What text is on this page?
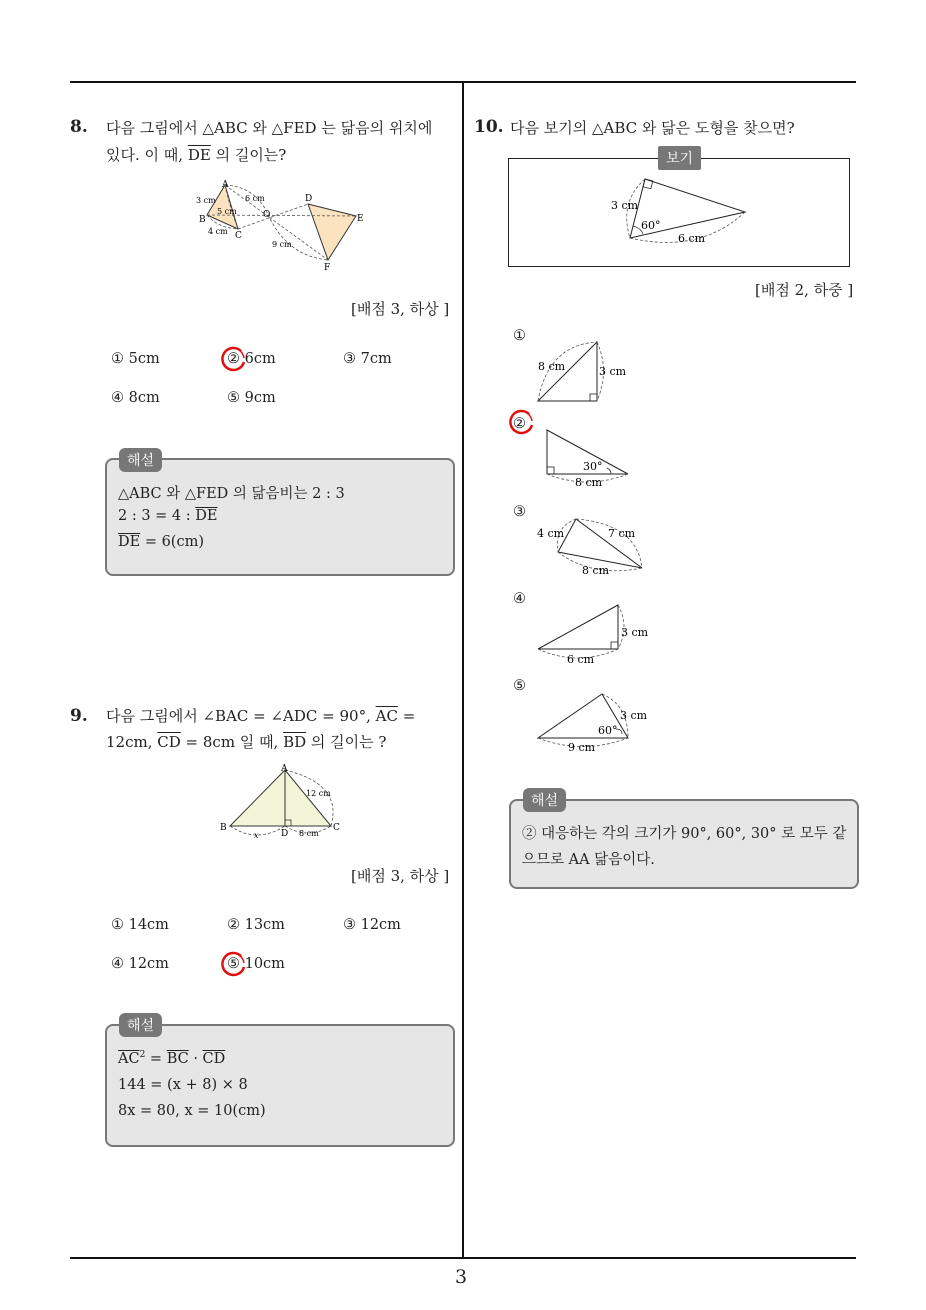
3
8. 다음 그림에서 △ABC 와 △FED 는 닮음의 위치에
있다. 이 때, $\overline{DE}$ 의 길이는?
A
B
C
O
D
E
F
3 cm
5 cm
4 cm
6 cm
9 cm
[배점 3, 하상 ]
① 5cm	② 6cm	③ 7cm
④ 8cm	⑤ 9cm
해설
△ABC 와 △FED 의 닮음비는 2 : 3
2 : 3 = 4 : $\overline{DE}$
$\overline{DE} = 6(cm)$
9. 다음 그림에서 ∠BAC = ∠ADC = 90°, $\overline{AC}$ =
12cm, $\overline{CD} = 8cm$ 일 때, $\overline{BD}$ 의 길이는 ?
A
B
D
C
12 cm
x	8 cm
[배점 3, 하상 ]
① 14cm	② 13cm	③ 12cm
④ 12cm	⑤ 10cm
해설
$\overline{AC}^2 = \overline{BC} \cdot \overline{CD}$
144 = (x + 8) × 8
8x = 80, x = 10(cm)
10. 다음 보기의 △ABC 와 닮은 도형을 찾으면?
보기
3 cm
60°
6 cm
[배점 2, 하중 ]
①
8 cm	3 cm
②
30°
8 cm
③
4 cm	7 cm
8 cm
④
3 cm
6 cm
⑤
3 cm
60°
9 cm
해설
② 대응하는 각의 크기가 90°, 60°, 30° 로 모두 같
으므로 AA 닮음이다.
